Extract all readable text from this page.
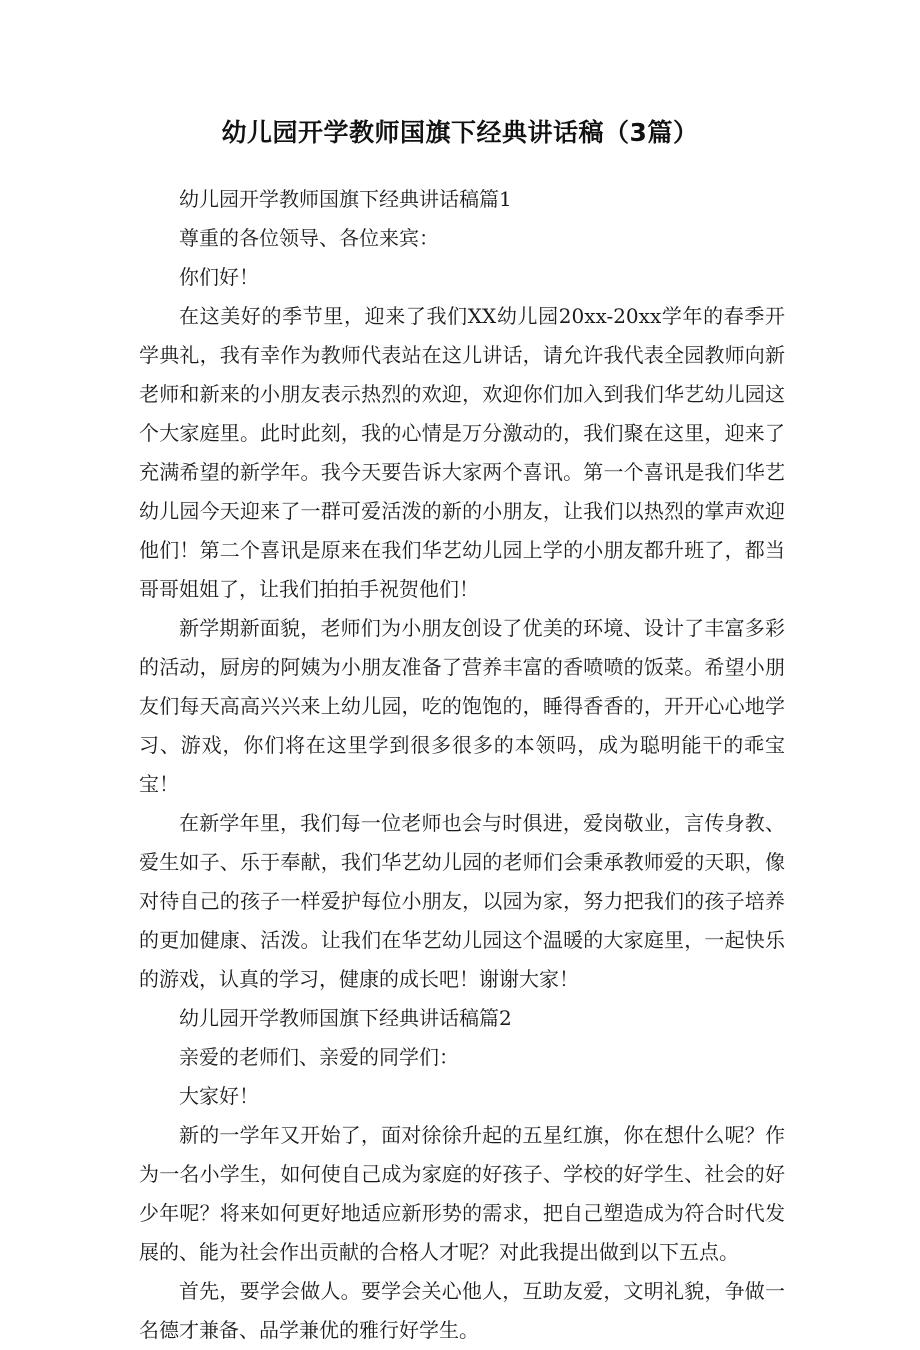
幼儿园开学教师国旗下经典讲话稿（3篇）

幼儿园开学教师国旗下经典讲话稿篇1

尊重的各位领导、各位来宾：

你们好！

在这美好的季节里，迎来了我们XX幼儿园20xx-20xx学年的春季开学典礼，我有幸作为教师代表站在这儿讲话，请允许我代表全园教师向新老师和新来的小朋友表示热烈的欢迎，欢迎你们加入到我们华艺幼儿园这个大家庭里。此时此刻，我的心情是万分激动的，我们聚在这里，迎来了充满希望的新学年。我今天要告诉大家两个喜讯。第一个喜讯是我们华艺幼儿园今天迎来了一群可爱活泼的新的小朋友，让我们以热烈的掌声欢迎他们！第二个喜讯是原来在我们华艺幼儿园上学的小朋友都升班了，都当哥哥姐姐了，让我们拍拍手祝贺他们！

新学期新面貌，老师们为小朋友创设了优美的环境、设计了丰富多彩的活动，厨房的阿姨为小朋友准备了营养丰富的香喷喷的饭菜。希望小朋友们每天高高兴兴来上幼儿园，吃的饱饱的，睡得香香的，开开心心地学习、游戏，你们将在这里学到很多很多的本领吗，成为聪明能干的乖宝宝！

在新学年里，我们每一位老师也会与时俱进，爱岗敬业，言传身教、爱生如子、乐于奉献，我们华艺幼儿园的老师们会秉承教师爱的天职，像对待自己的孩子一样爱护每位小朋友，以园为家，努力把我们的孩子培养的更加健康、活泼。让我们在华艺幼儿园这个温暖的大家庭里，一起快乐的游戏，认真的学习，健康的成长吧！谢谢大家！

幼儿园开学教师国旗下经典讲话稿篇2

亲爱的老师们、亲爱的同学们：

大家好！

新的一学年又开始了，面对徐徐升起的五星红旗，你在想什么呢？作为一名小学生，如何使自己成为家庭的好孩子、学校的好学生、社会的好少年呢？将来如何更好地适应新形势的需求，把自己塑造成为符合时代发展的、能为社会作出贡献的合格人才呢？对此我提出做到以下五点。

首先，要学会做人。要学会关心他人，互助友爱，文明礼貌，争做一名德才兼备、品学兼优的雅行好学生。
